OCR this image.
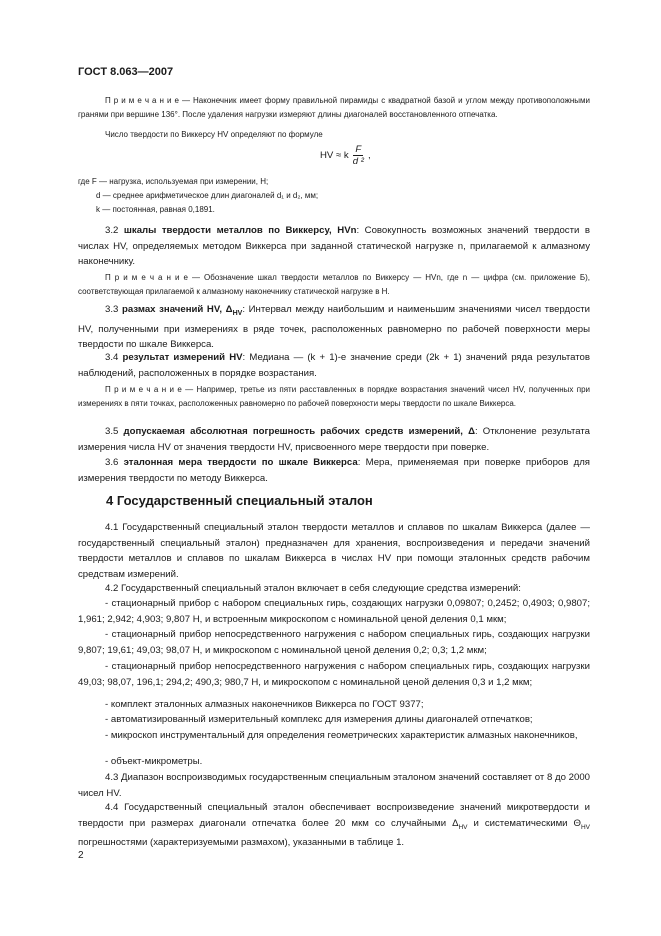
ГОСТ 8.063—2007
П р и м е ч а н и е — Наконечник имеет форму правильной пирамиды с квадратной базой и углом между противоположными гранями при вершине 136°. После удаления нагрузки измеряют длины диагоналей восстановленного отпечатка.
Число твердости по Виккерсу HV определяют по формуле
HV ≈ k $\frac{F}{\text{d ²}}$ ,
где F — нагрузка, используемая при измерении, Н;
d — среднее арифметическое длин диагоналей d₁ и d₂, мм;
k — постоянная, равная 0,1891.
3.2 шкалы твердости металлов по Виккерсу, HVn: Совокупность возможных значений твердости в числах HV, определяемых методом Виккерса при заданной статической нагрузке n, прилагаемой к алмазному наконечнику.
П р и м е ч а н и е — Обозначение шкал твердости металлов по Виккерсу — HVn, где n — цифра (см. приложение Б), соответствующая прилагаемой к алмазному наконечнику статической нагрузке в Н.
3.3 размах значений HV, $\Delta_{HV}$: Интервал между наибольшим и наименьшим значениями чисел твердости HV, полученными при измерениях в ряде точек, расположенных равномерно по рабочей поверхности меры твердости по шкале Виккерса.
3.4 результат измерений HV: Медиана — (k + 1)-е значение среди (2k + 1) значений ряда результатов наблюдений, расположенных в порядке возрастания.
П р и м е ч а н и е — Например, третье из пяти расставленных в порядке возрастания значений чисел HV, полученных при измерениях в пяти точках, расположенных равномерно по рабочей поверхности меры твердости по шкале Виккерса.
3.5 допускаемая абсолютная погрешность рабочих средств измерений, Δ: Отклонение результата измерения числа HV от значения твердости HV, присвоенного мере твердости при поверке.
3.6 эталонная мера твердости по шкале Виккерса: Мера, применяемая при поверке приборов для измерения твердости по методу Виккерса.
4 Государственный специальный эталон
4.1 Государственный специальный эталон твердости металлов и сплавов по шкалам Виккерса (далее — государственный специальный эталон) предназначен для хранения, воспроизведения и передачи значений твердости металлов и сплавов по шкалам Виккерса в числах HV при помощи эталонных средств рабочим средствам измерений.
4.2 Государственный специальный эталон включает в себя следующие средства измерений:
- стационарный прибор с набором специальных гирь, создающих нагрузки 0,09807; 0,2452; 0,4903; 0,9807; 1,961; 2,942; 4,903; 9,807 Н, и встроенным микроскопом с номинальной ценой деления 0,1 мкм;
- стационарный прибор непосредственного нагружения с набором специальных гирь, создающих нагрузки 9,807; 19,61; 49,03; 98,07 Н, и микроскопом с номинальной ценой деления 0,2; 0,3; 1,2 мкм;
- стационарный прибор непосредственного нагружения с набором специальных гирь, создающих нагрузки 49,03; 98,07, 196,1; 294,2; 490,3; 980,7 Н, и микроскопом с номинальной ценой деления 0,3 и 1,2 мкм;
- комплект эталонных алмазных наконечников Виккерса по ГОСТ 9377;
- автоматизированный измерительный комплекс для измерения длины диагоналей отпечатков;
- микроскоп инструментальный для определения геометрических характеристик алмазных наконечников,
- объект-микрометры.
4.3 Диапазон воспроизводимых государственным специальным эталоном значений составляет от 8 до 2000 чисел HV.
4.4 Государственный специальный эталон обеспечивает воспроизведение значений микротвердости и твердости при размерах диагонали отпечатка более 20 мкм со случайными $\Delta_{HV}$ и систематическими $\Theta_{HV}$ погрешностями (характеризуемыми размахом), указанными в таблице 1.
2
